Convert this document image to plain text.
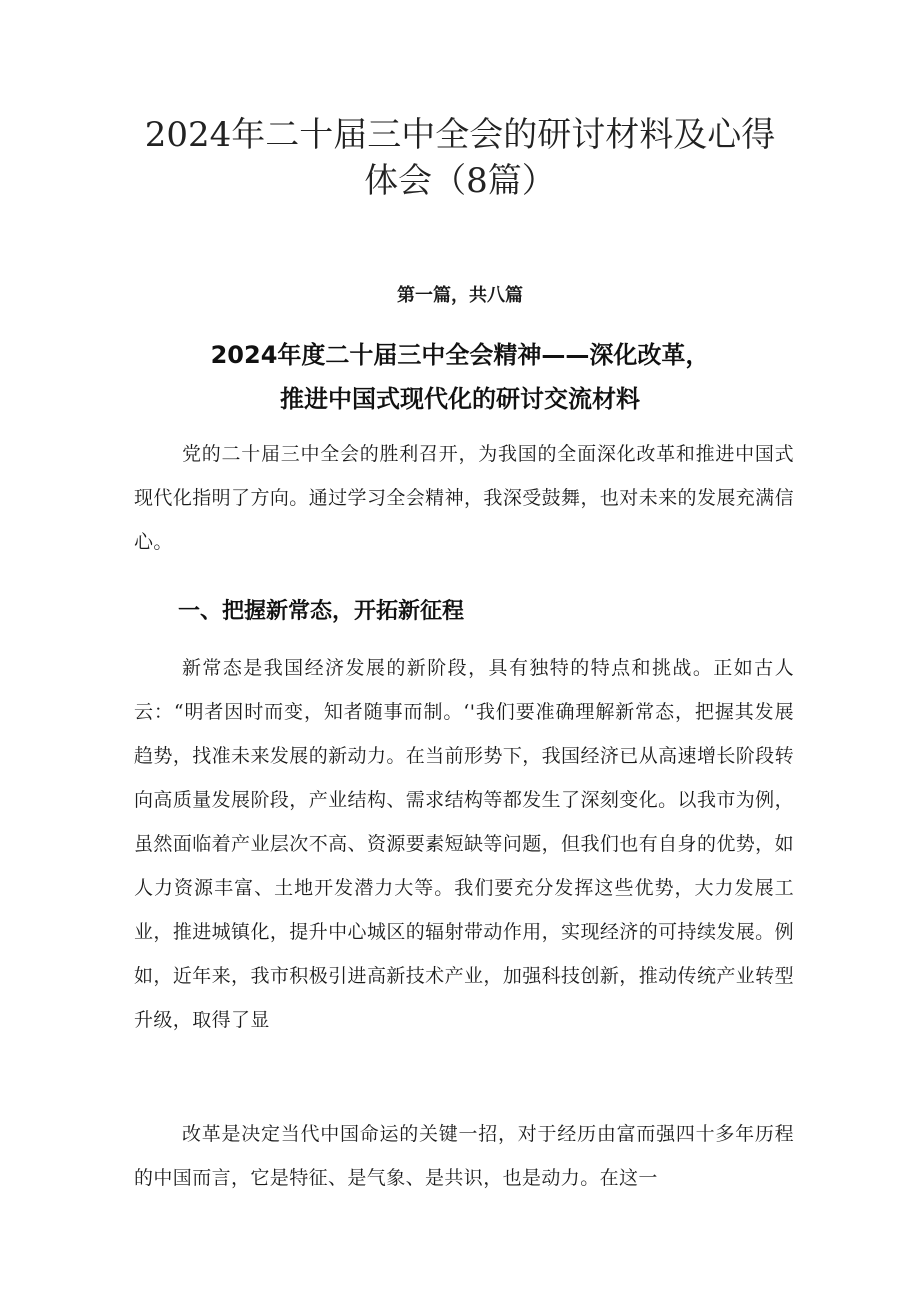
2024年二十届三中全会的研讨材料及心得
体会（8篇）
第一篇，共八篇
2024年度二十届三中全会精神——深化改革，
推进中国式现代化的研讨交流材料

党的二十届三中全会的胜利召开，为我国的全面深化改革和推进中国式现代化指明了方向。通过学习全会精神，我深受鼓舞，也对未来的发展充满信心。

一、把握新常态，开拓新征程

新常态是我国经济发展的新阶段，具有独特的特点和挑战。正如古人云：“明者因时而变，知者随事而制。‘'我们要准确理解新常态，把握其发展趋势，找准未来发展的新动力。在当前形势下，我国经济已从高速增长阶段转向高质量发展阶段，产业结构、需求结构等都发生了深刻变化。以我市为例，虽然面临着产业层次不高、资源要素短缺等问题，但我们也有自身的优势，如人力资源丰富、土地开发潜力大等。我们要充分发挥这些优势，大力发展工业，推进城镇化，提升中心城区的辐射带动作用，实现经济的可持续发展。例如，近年来，我市积极引进高新技术产业，加强科技创新，推动传统产业转型升级，取得了显

改革是决定当代中国命运的关键一招，对于经历由富而强四十多年历程的中国而言，它是特征、是气象、是共识，也是动力。在这一
